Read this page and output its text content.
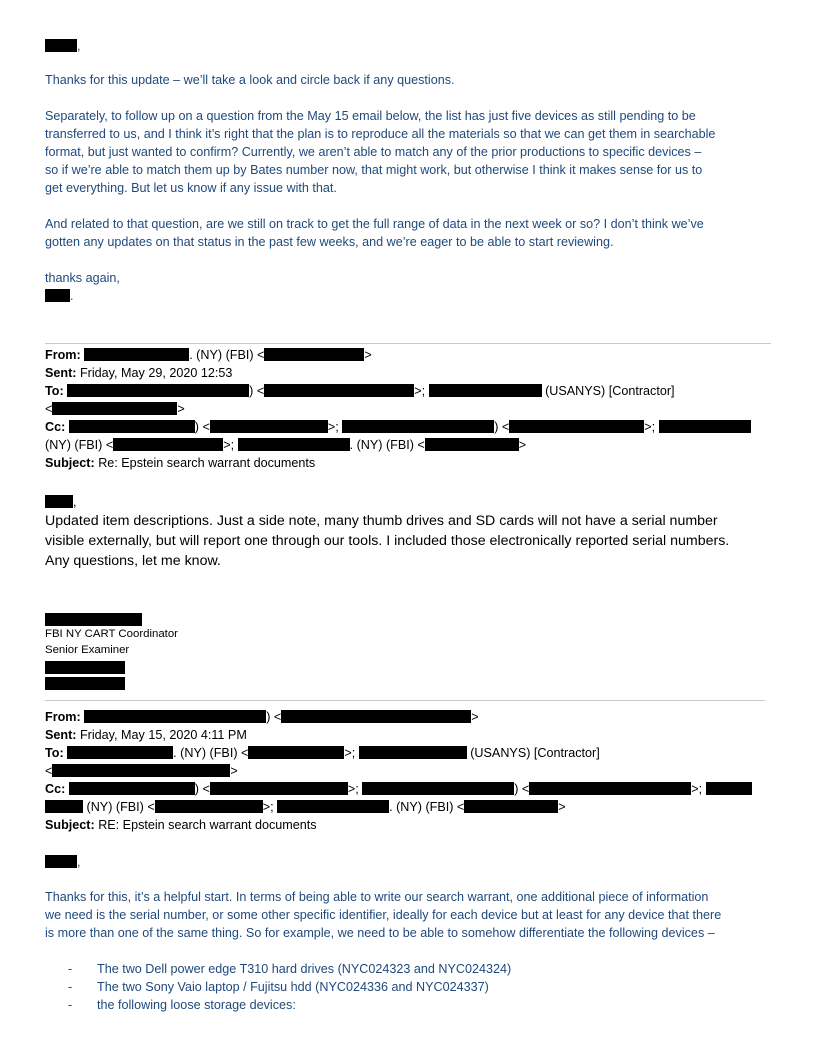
,
Thanks for this update – we’ll take a look and circle back if any questions.
Separately, to follow up on a question from the May 15 email below, the list has just five devices as still pending to be
transferred to us, and I think it’s right that the plan is to reproduce all the materials so that we can get them in searchable
format, but just wanted to confirm? Currently, we aren’t able to match any of the prior productions to specific devices –
so if we’re able to match them up by Bates number now, that might work, but otherwise I think it makes sense for us to
get everything. But let us know if any issue with that.
And related to that question, are we still on track to get the full range of data in the next week or so? I don’t think we’ve
gotten any updates on that status in the past few weeks, and we’re eager to be able to start reviewing.
thanks again,
.
From:	. (NY) (FBI) <	>
Sent: Friday, May 29, 2020 12:53
To:	) <	>;	(USANYS) [Contractor]
<	>
Cc:	) <	>;	) <	>;
(NY) (FBI) <	>;	. (NY) (FBI) <	>
Subject: Re: Epstein search warrant documents
,
Updated item descriptions. Just a side note, many thumb drives and SD cards will not have a serial number
visible externally, but will report one through our tools. I included those electronically reported serial numbers.
Any questions, let me know.
FBI NY CART Coordinator
Senior Examiner
From:	) <	>
Sent: Friday, May 15, 2020 4:11 PM
To:	. (NY) (FBI) <	>;	(USANYS) [Contractor]
<	>
Cc:	) <	>;	) <	>;
(NY) (FBI) <	>;	. (NY) (FBI) <	>
Subject: RE: Epstein search warrant documents
,
Thanks for this, it’s a helpful start. In terms of being able to write our search warrant, one additional piece of information
we need is the serial number, or some other specific identifier, ideally for each device but at least for any device that there
is more than one of the same thing. So for example, we need to be able to somehow differentiate the following devices –
-	The two Dell power edge T310 hard drives (NYC024323 and NYC024324)
-	The two Sony Vaio laptop / Fujitsu hdd (NYC024336 and NYC024337)
-	the following loose storage devices:
